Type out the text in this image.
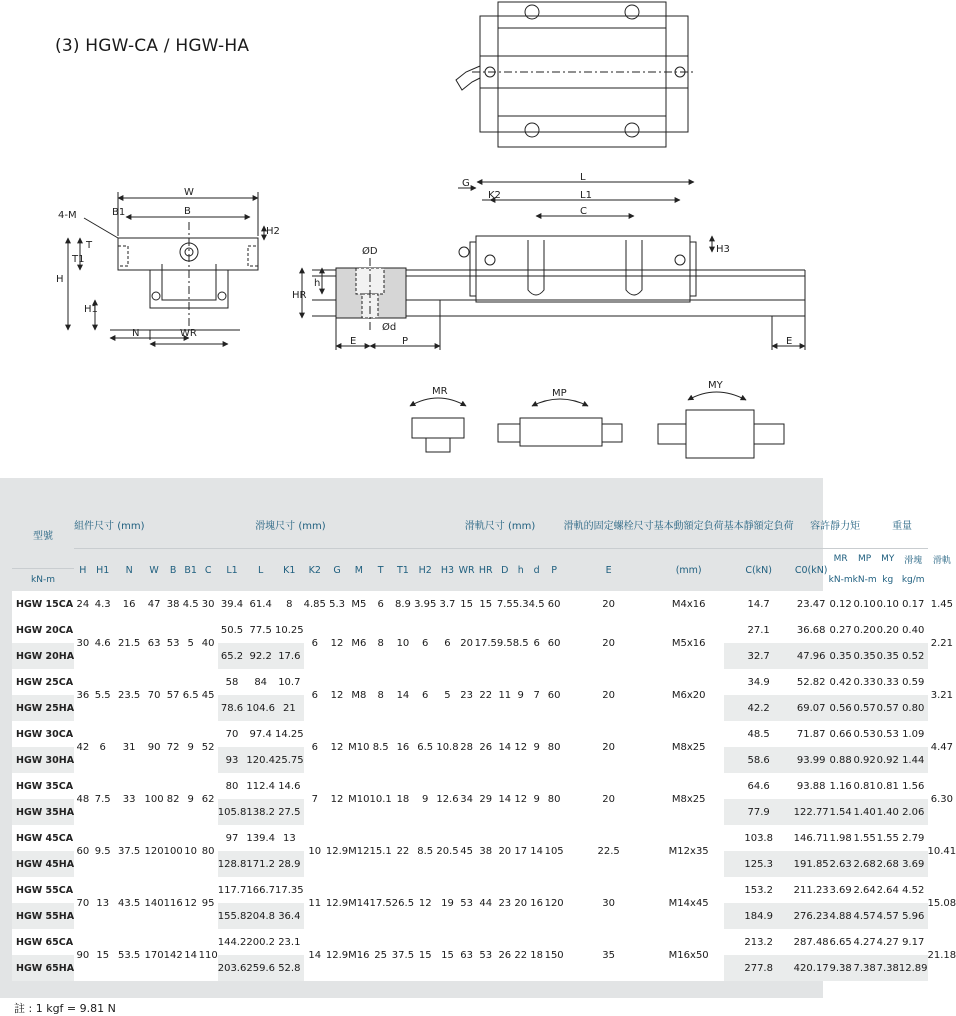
(3) HGW-CA / HGW-HA
W
B
B1
4-M
H
H1
H2
T
T1
N	WR
G
K2
L
L1
C
H3
HR
h
ØD
Ød
E	P	E
MR	MP
MY
型號	組件尺寸 (mm)			滑塊尺寸 (mm)													滑軌尺寸 (mm)							滑軌的固定螺栓尺寸	基本動額定負荷	基本靜額定負荷	容許靜力矩			重量		
	H	H1	N	W	B	B1	C	L1	L	K1	K2	G	M	T	T1	H2	H3	WR	HR	D	h	d	P	E	(mm)	C(kN)	C0(kN)	MR	MP	MY	滑塊	滑軌
kN-m																												kN-m	kN-m	kg	kg/m	
HGW 15CA	24	4.3	16	47	38	4.5	30	39.4	61.4	8	4.85	5.3	M5	6	8.9	3.95	3.7	15	15	7.5	5.3	4.5	60	20	M4x16	14.7	23.47	0.12	0.10	0.10	0.17	1.45
HGW 20CA	30	4.6	21.5	63	53	5	40	50.5	77.5	10.25	6	12	M6	8	10	6	6	20	17.5	9.5	8.5	6	60	20	M5x16	27.1	36.68	0.27	0.20	0.20	0.40	2.21
HGW 20HA								65.2	92.2	17.6																32.7	47.96	0.35	0.35	0.35	0.52	
HGW 25CA	36	5.5	23.5	70	57	6.5	45	58	84	10.7	6	12	M8	8	14	6	5	23	22	11	9	7	60	20	M6x20	34.9	52.82	0.42	0.33	0.33	0.59	3.21
HGW 25HA								78.6	104.6	21																42.2	69.07	0.56	0.57	0.57	0.80	
HGW 30CA	42	6	31	90	72	9	52	70	97.4	14.25	6	12	M10	8.5	16	6.5	10.8	28	26	14	12	9	80	20	M8x25	48.5	71.87	0.66	0.53	0.53	1.09	4.47
HGW 30HA								93	120.4	25.75																58.6	93.99	0.88	0.92	0.92	1.44	
HGW 35CA	48	7.5	33	100	82	9	62	80	112.4	14.6	7	12	M10	10.1	18	9	12.6	34	29	14	12	9	80	20	M8x25	64.6	93.88	1.16	0.81	0.81	1.56	6.30
HGW 35HA								105.8	138.2	27.5																77.9	122.77	1.54	1.40	1.40	2.06	
HGW 45CA	60	9.5	37.5	120	100	10	80	97	139.4	13	10	12.9	M12	15.1	22	8.5	20.5	45	38	20	17	14	105	22.5	M12x35	103.8	146.71	1.98	1.55	1.55	2.79	10.41
HGW 45HA								128.8	171.2	28.9																125.3	191.85	2.63	2.68	2.68	3.69	
HGW 55CA	70	13	43.5	140	116	12	95	117.7	166.7	17.35	11	12.9	M14	17.5	26.5	12	19	53	44	23	20	16	120	30	M14x45	153.2	211.23	3.69	2.64	2.64	4.52	15.08
HGW 55HA								155.8	204.8	36.4																184.9	276.23	4.88	4.57	4.57	5.96	
HGW 65CA	90	15	53.5	170	142	14	110	144.2	200.2	23.1	14	12.9	M16	25	37.5	15	15	63	53	26	22	18	150	35	M16x50	213.2	287.48	6.65	4.27	4.27	9.17	21.18
HGW 65HA								203.6	259.6	52.8																277.8	420.17	9.38	7.38	7.38	12.89	
註 : 1 kgf = 9.81 N
